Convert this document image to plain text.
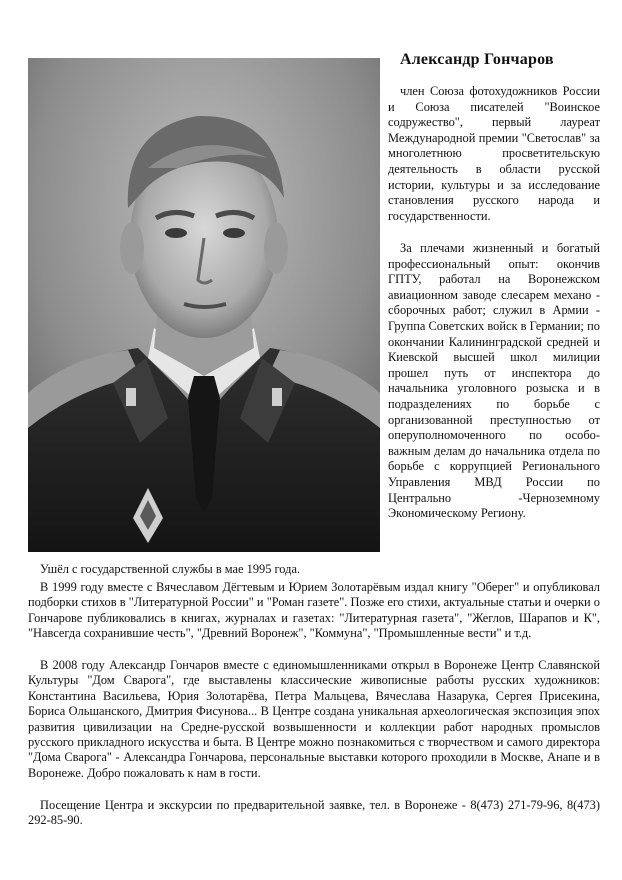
Александр Гончаров

член Союза фотохудожников России и Союза писателей "Воинское содружество", первый лауреат Международной премии "Светослав" за многолетнюю просветительскую деятельность в области русской истории, культуры и за исследование становления русского народа и государственности.

За плечами жизненный и богатый профессиональный опыт: окончив ГПТУ, работал на Воронежском авиационном заводе слесарем механо - сборочных работ; служил в Армии - Группа Советских войск в Германии; по окончании Калининградской средней и Киевской высшей школ милиции прошел путь от инспектора до начальника уголовного розыска и в подразделениях по борьбе с организованной преступностью от оперуполномоченного по особо-важным делам до начальника отдела по борьбе с коррупцией Регионального Управления МВД России по Центрально -Черноземному Экономическому Региону.

Ушёл с государственной службы в мае 1995 года.

В 1999 году вместе с Вячеславом Дёгтевым и Юрием Золотарёвым издал книгу "Оберег" и опубликовал подборки стихов в "Литературной России" и "Роман газете". Позже его стихи, актуальные статьи и очерки о Гончарове публиковались в книгах, журналах и газетах: "Литературная газета", "Жеглов, Шарапов и К", "Навсегда сохранившие честь", "Древний Воронеж", "Коммуна", "Промышленные вести" и т.д.

В 2008 году Александр Гончаров вместе с единомышленниками открыл в Воронеже Центр Славянской Культуры "Дом Сварога", где выставлены классические живописные работы русских художников: Константина Васильева, Юрия Золотарёва, Петра Мальцева, Вячеслава Назарука, Сергея Присекина, Бориса Ольшанского, Дмитрия Фисунова... В Центре создана уникальная археологическая экспозиция эпох развития цивилизации на Средне-русской возвышенности и коллекции работ народных промыслов русского прикладного искусства и быта. В Центре можно познакомиться с творчеством и самого директора "Дома Сварога" - Александра Гончарова, персональные выставки которого проходили в Москве, Анапе и в Воронеже. Добро пожаловать к нам в гости.

Посещение Центра и экскурсии по предварительной заявке, тел. в Воронеже - 8(473) 271-79-96, 8(473) 292-85-90.
